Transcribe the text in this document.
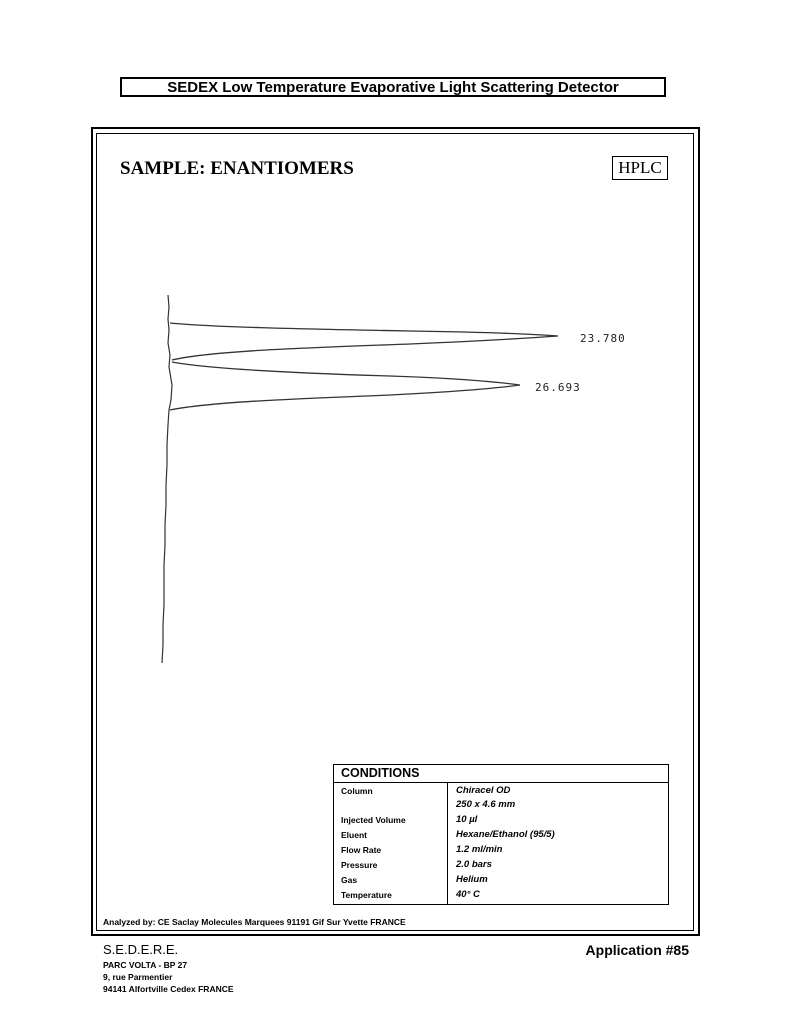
SEDEX Low Temperature Evaporative Light Scattering Detector
SAMPLE: ENANTIOMERS	HPLC
23.780
26.693
CONDITIONS
Column	Chiracel OD
250 x 4.6 mm
Injected Volume	10 µl
Eluent	Hexane/Ethanol (95/5)
Flow Rate	1.2 ml/min
Pressure	2.0 bars
Gas	Helium
Temperature	40° C
Analyzed by: CE Saclay Molecules Marquees 91191 Gif Sur Yvette FRANCE
S.E.D.E.R.E.
PARC VOLTA - BP 27
9, rue Parmentier
94141 Alfortville Cedex FRANCE
Application #85
